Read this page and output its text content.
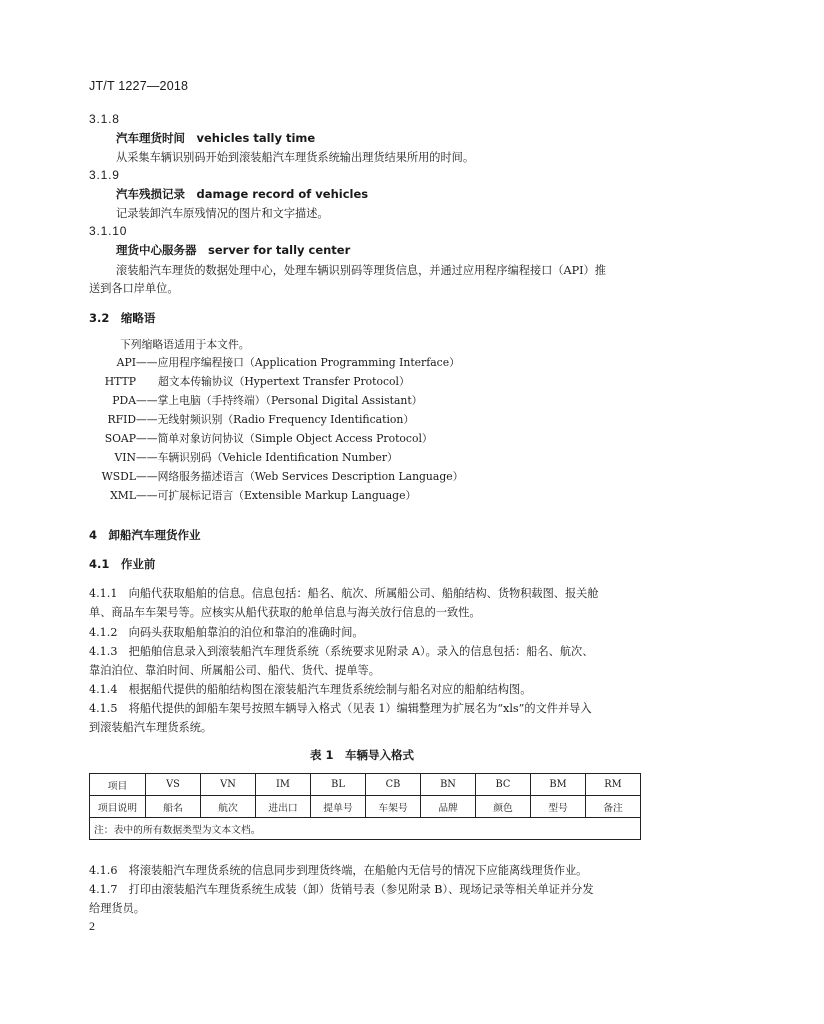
JT/T 1227—2018
3.1.8
汽车理货时间　vehicles tally time
从采集车辆识别码开始到滚装船汽车理货系统输出理货结果所用的时间。
3.1.9
汽车残损记录　damage record of vehicles
记录装卸汽车原残情况的图片和文字描述。
3.1.10
理货中心服务器　server for tally center
滚装船汽车理货的数据处理中心，处理车辆识别码等理货信息，并通过应用程序编程接口（API）推
送到各口岸单位。
3.2　缩略语
下列缩略语适用于本文件。
API——应用程序编程接口（Application Programming Interface）
HTTP 超文本传输协议（Hypertext Transfer Protocol）
PDA——掌上电脑（手持终端）（Personal Digital Assistant）
RFID——无线射频识别（Radio Frequency Identification）
SOAP——简单对象访问协议（Simple Object Access Protocol）
VIN——车辆识别码（Vehicle Identification Number）
WSDL——网络服务描述语言（Web Services Description Language）
XML——可扩展标记语言（Extensible Markup Language）
4　卸船汽车理货作业
4.1　作业前
4.1.1　向船代获取船舶的信息。信息包括：船名、航次、所属船公司、船舶结构、货物积载图、报关舱
单、商品车车架号等。应核实从船代获取的舱单信息与海关放行信息的一致性。
4.1.2　向码头获取船舶靠泊的泊位和靠泊的准确时间。
4.1.3　把船舶信息录入到滚装船汽车理货系统（系统要求见附录 A）。录入的信息包括：船名、航次、
靠泊泊位、靠泊时间、所属船公司、船代、货代、提单等。
4.1.4　根据船代提供的船舶结构图在滚装船汽车理货系统绘制与船名对应的船舶结构图。
4.1.5　将船代提供的卸船车架号按照车辆导入格式（见表 1）编辑整理为扩展名为“xls”的文件并导入
到滚装船汽车理货系统。
表 1　车辆导入格式
项目	VS	VN	IM	BL	CB	BN	BC	BM	RM
项目说明	船名	航次	进出口	提单号	车架号	品牌	颜色	型号	备注
注：表中的所有数据类型为文本文档。									
4.1.6　将滚装船汽车理货系统的信息同步到理货终端，在船舱内无信号的情况下应能离线理货作业。
4.1.7　打印由滚装船汽车理货系统生成装（卸）货销号表（参见附录 B）、现场记录等相关单证并分发
给理货员。
2
